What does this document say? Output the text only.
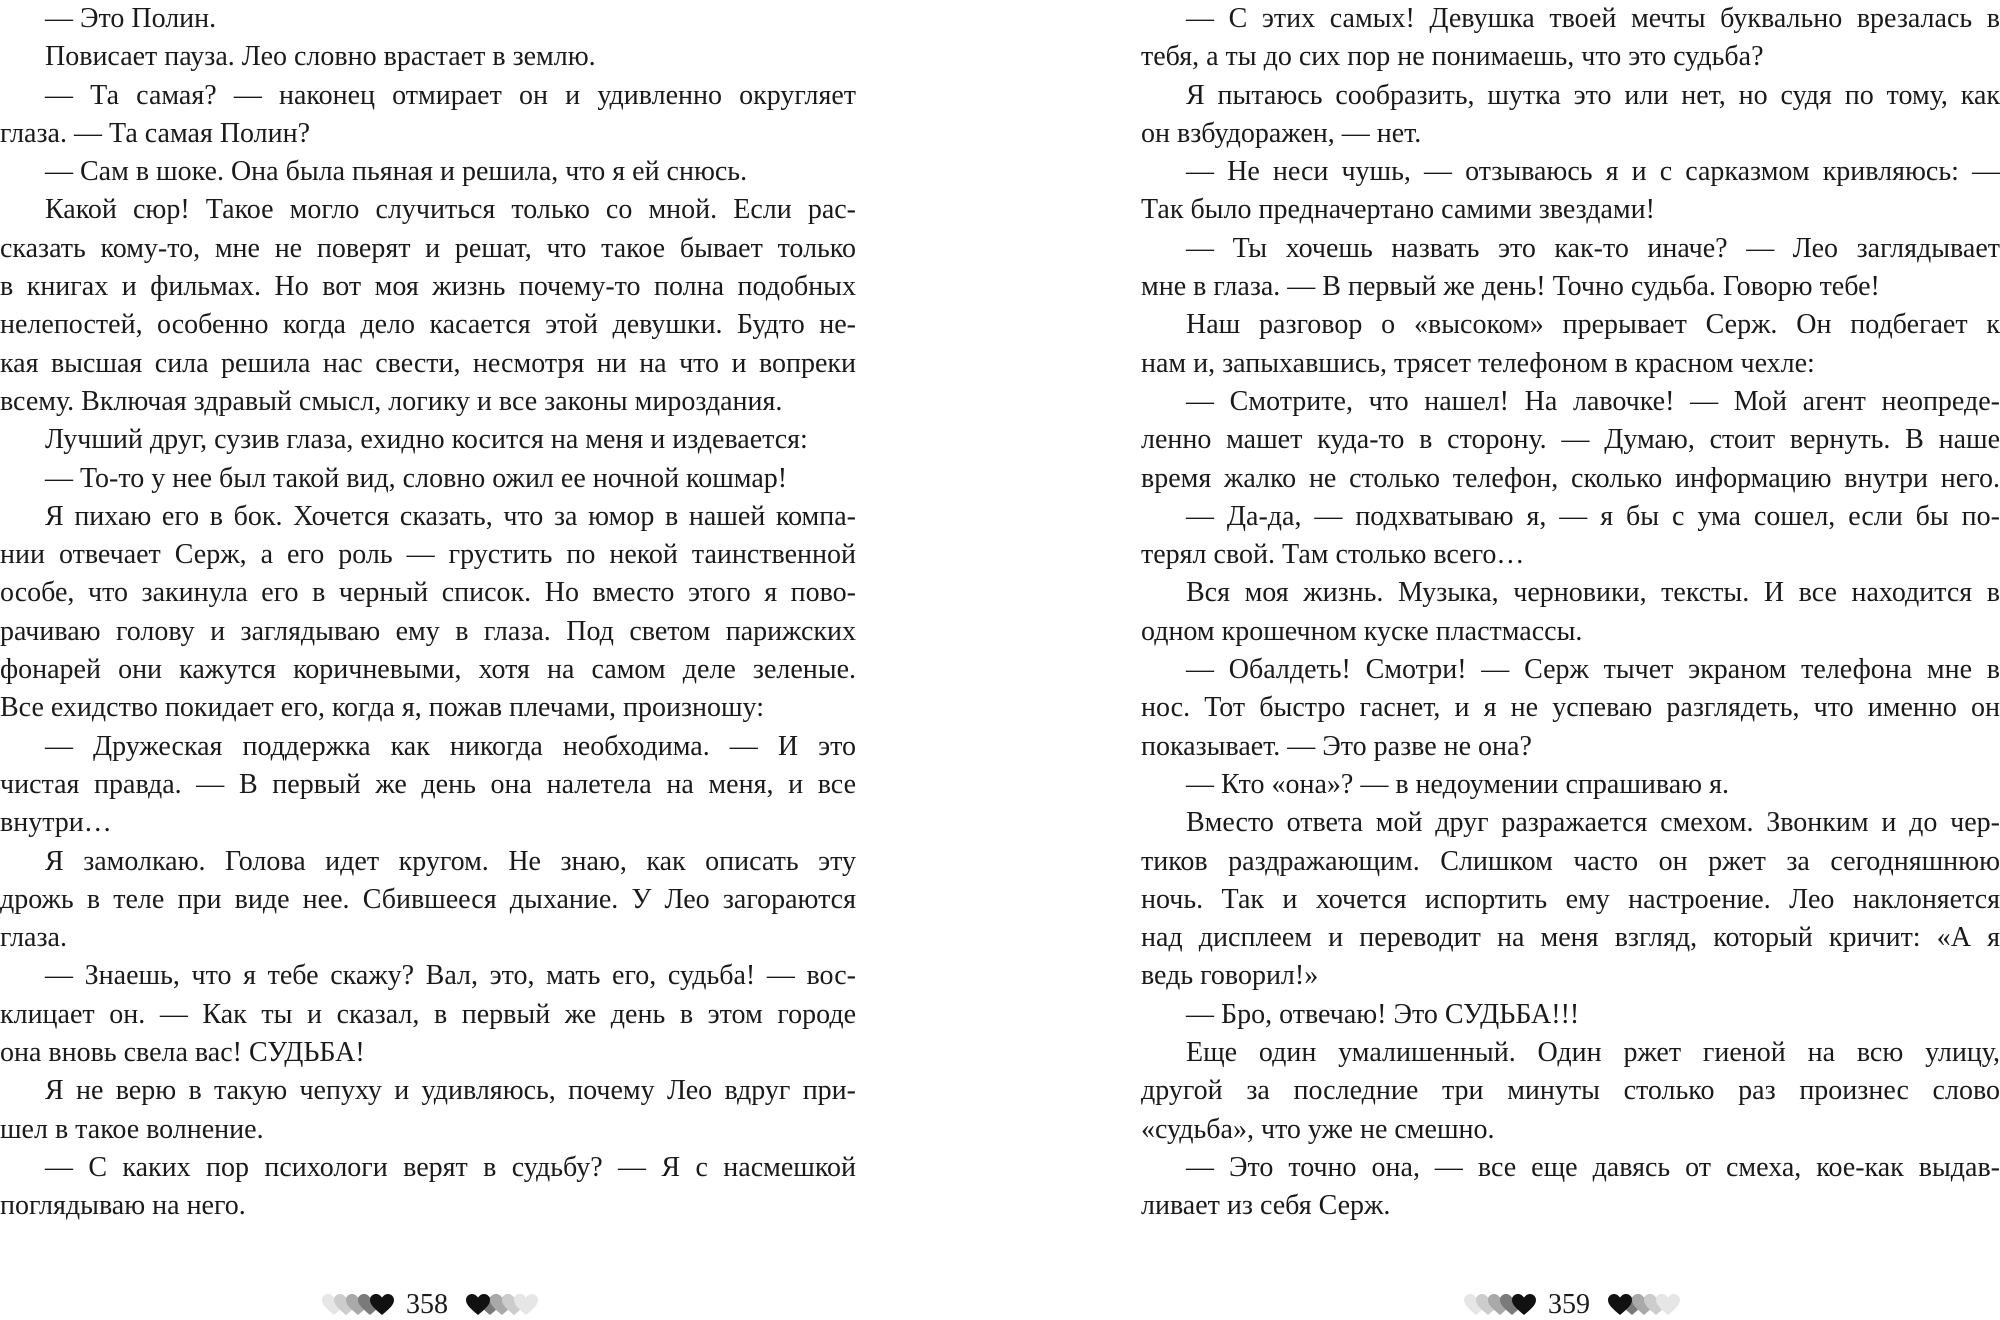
— Это Полин.
Повисает пауза. Лео словно врастает в землю.
— Та самая? — наконец отмирает он и удивленно округляет
глаза. — Та самая Полин?
— Сам в шоке. Она была пьяная и решила, что я ей снюсь.
Какой сюр! Такое могло случиться только со мной. Если рас-
сказать кому-то, мне не поверят и решат, что такое бывает только
в книгах и фильмах. Но вот моя жизнь почему-то полна подобных
нелепостей, особенно когда дело касается этой девушки. Будто не-
кая высшая сила решила нас свести, несмотря ни на что и вопреки
всему. Включая здравый смысл, логику и все законы мироздания.
Лучший друг, сузив глаза, ехидно косится на меня и издевается:
— То-то у нее был такой вид, словно ожил ее ночной кошмар!
Я пихаю его в бок. Хочется сказать, что за юмор в нашей компа-
нии отвечает Серж, а его роль — грустить по некой таинственной
особе, что закинула его в черный список. Но вместо этого я пово-
рачиваю голову и заглядываю ему в глаза. Под светом парижских
фонарей они кажутся коричневыми, хотя на самом деле зеленые.
Все ехидство покидает его, когда я, пожав плечами, произношу:
— Дружеская поддержка как никогда необходима. — И это
чистая правда. — В первый же день она налетела на меня, и все
внутри…
Я замолкаю. Голова идет кругом. Не знаю, как описать эту
дрожь в теле при виде нее. Сбившееся дыхание. У Лео загораются
глаза.
— Знаешь, что я тебе скажу? Вал, это, мать его, судьба! — вос-
клицает он. — Как ты и сказал, в первый же день в этом городе
она вновь свела вас! СУДЬБА!
Я не верю в такую чепуху и удивляюсь, почему Лео вдруг при-
шел в такое волнение.
— С каких пор психологи верят в судьбу? — Я с насмешкой
поглядываю на него.
358
— С этих самых! Девушка твоей мечты буквально врезалась в
тебя, а ты до сих пор не понимаешь, что это судьба?
Я пытаюсь сообразить, шутка это или нет, но судя по тому, как
он взбудоражен, — нет.
— Не неси чушь, — отзываюсь я и с сарказмом кривляюсь: —
Так было предначертано самими звездами!
— Ты хочешь назвать это как-то иначе? — Лео заглядывает
мне в глаза. — В первый же день! Точно судьба. Говорю тебе!
Наш разговор о «высоком» прерывает Серж. Он подбегает к
нам и, запыхавшись, трясет телефоном в красном чехле:
— Смотрите, что нашел! На лавочке! — Мой агент неопреде-
ленно машет куда-то в сторону. — Думаю, стоит вернуть. В наше
время жалко не столько телефон, сколько информацию внутри него.
— Да-да, — подхватываю я, — я бы с ума сошел, если бы по-
терял свой. Там столько всего…
Вся моя жизнь. Музыка, черновики, тексты. И все находится в
одном крошечном куске пластмассы.
— Обалдеть! Смотри! — Серж тычет экраном телефона мне в
нос. Тот быстро гаснет, и я не успеваю разглядеть, что именно он
показывает. — Это разве не она?
— Кто «она»? — в недоумении спрашиваю я.
Вместо ответа мой друг разражается смехом. Звонким и до чер-
тиков раздражающим. Слишком часто он ржет за сегодняшнюю
ночь. Так и хочется испортить ему настроение. Лео наклоняется
над дисплеем и переводит на меня взгляд, который кричит: «А я
ведь говорил!»
— Бро, отвечаю! Это СУДЬБА!!!
Еще один умалишенный. Один ржет гиеной на всю улицу,
другой за последние три минуты столько раз произнес слово
«судьба», что уже не смешно.
— Это точно она, — все еще давясь от смеха, кое-как выдав-
ливает из себя Серж.
359
